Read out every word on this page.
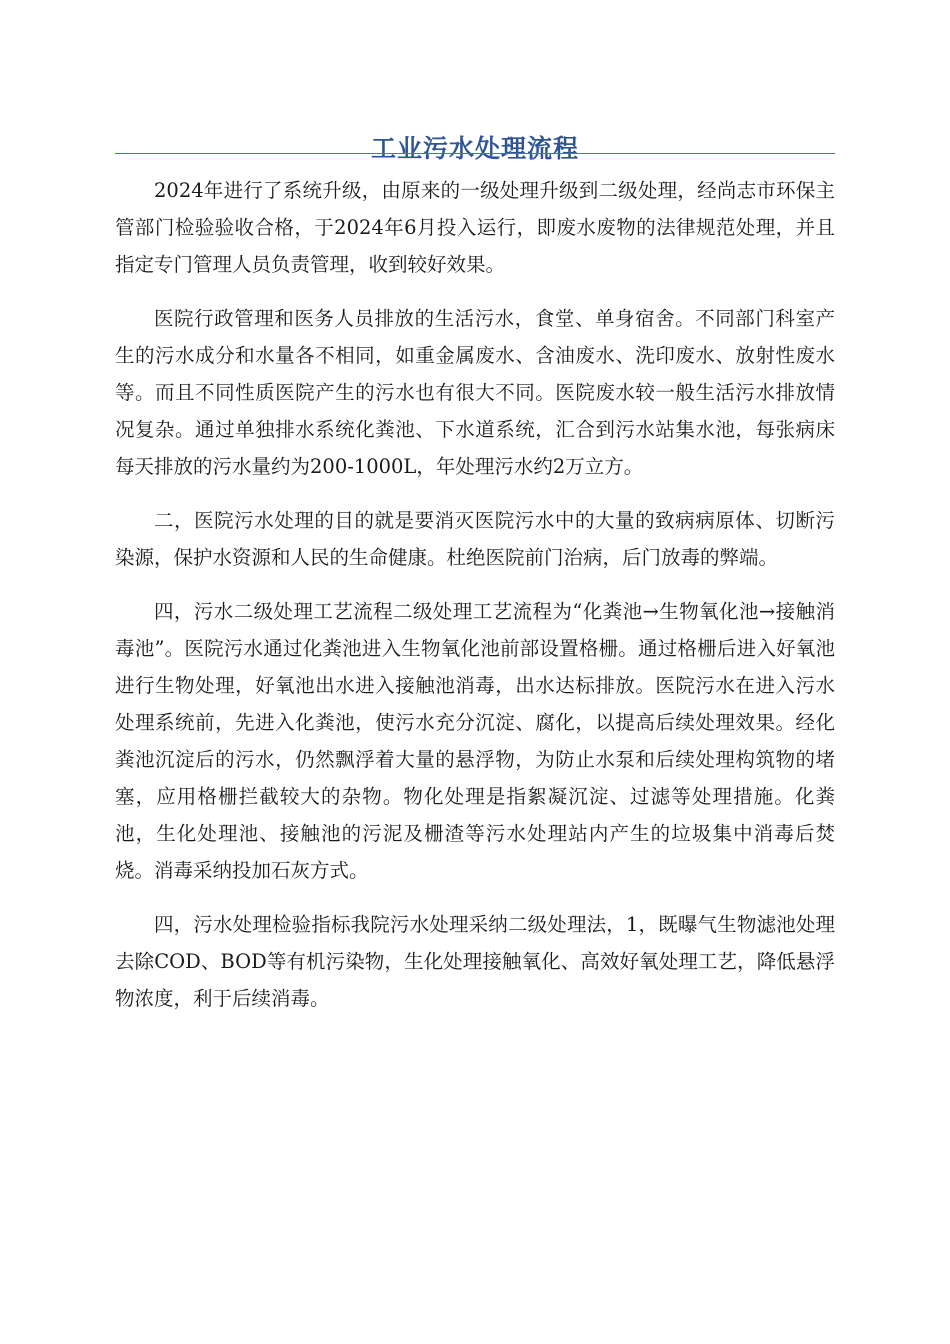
工业污水处理流程

2024年进行了系统升级，由原来的一级处理升级到二级处理，经尚志市环保主管部门检验验收合格，于2024年6月投入运行，即废水废物的法律规范处理，并且指定专门管理人员负责管理，收到较好效果。

医院行政管理和医务人员排放的生活污水，食堂、单身宿舍。不同部门科室产生的污水成分和水量各不相同，如重金属废水、含油废水、洗印废水、放射性废水等。而且不同性质医院产生的污水也有很大不同。医院废水较一般生活污水排放情况复杂。通过单独排水系统化粪池、下水道系统，汇合到污水站集水池，每张病床每天排放的污水量约为200-1000L，年处理污水约2万立方。

二，医院污水处理的目的就是要消灭医院污水中的大量的致病病原体、切断污染源，保护水资源和人民的生命健康。杜绝医院前门治病，后门放毒的弊端。

四，污水二级处理工艺流程二级处理工艺流程为“化粪池→生物氧化池→接触消毒池”。医院污水通过化粪池进入生物氧化池前部设置格栅。通过格栅后进入好氧池进行生物处理，好氧池出水进入接触池消毒，出水达标排放。医院污水在进入污水处理系统前，先进入化粪池，使污水充分沉淀、腐化，以提高后续处理效果。经化粪池沉淀后的污水，仍然飘浮着大量的悬浮物，为防止水泵和后续处理构筑物的堵塞，应用格栅拦截较大的杂物。物化处理是指絮凝沉淀、过滤等处理措施。化粪池，生化处理池、接触池的污泥及栅渣等污水处理站内产生的垃圾集中消毒后焚烧。消毒采纳投加石灰方式。

四，污水处理检验指标我院污水处理采纳二级处理法，1，既曝气生物滤池处理去除COD、BOD等有机污染物，生化处理接触氧化、高效好氧处理工艺，降低悬浮物浓度，利于后续消毒。
